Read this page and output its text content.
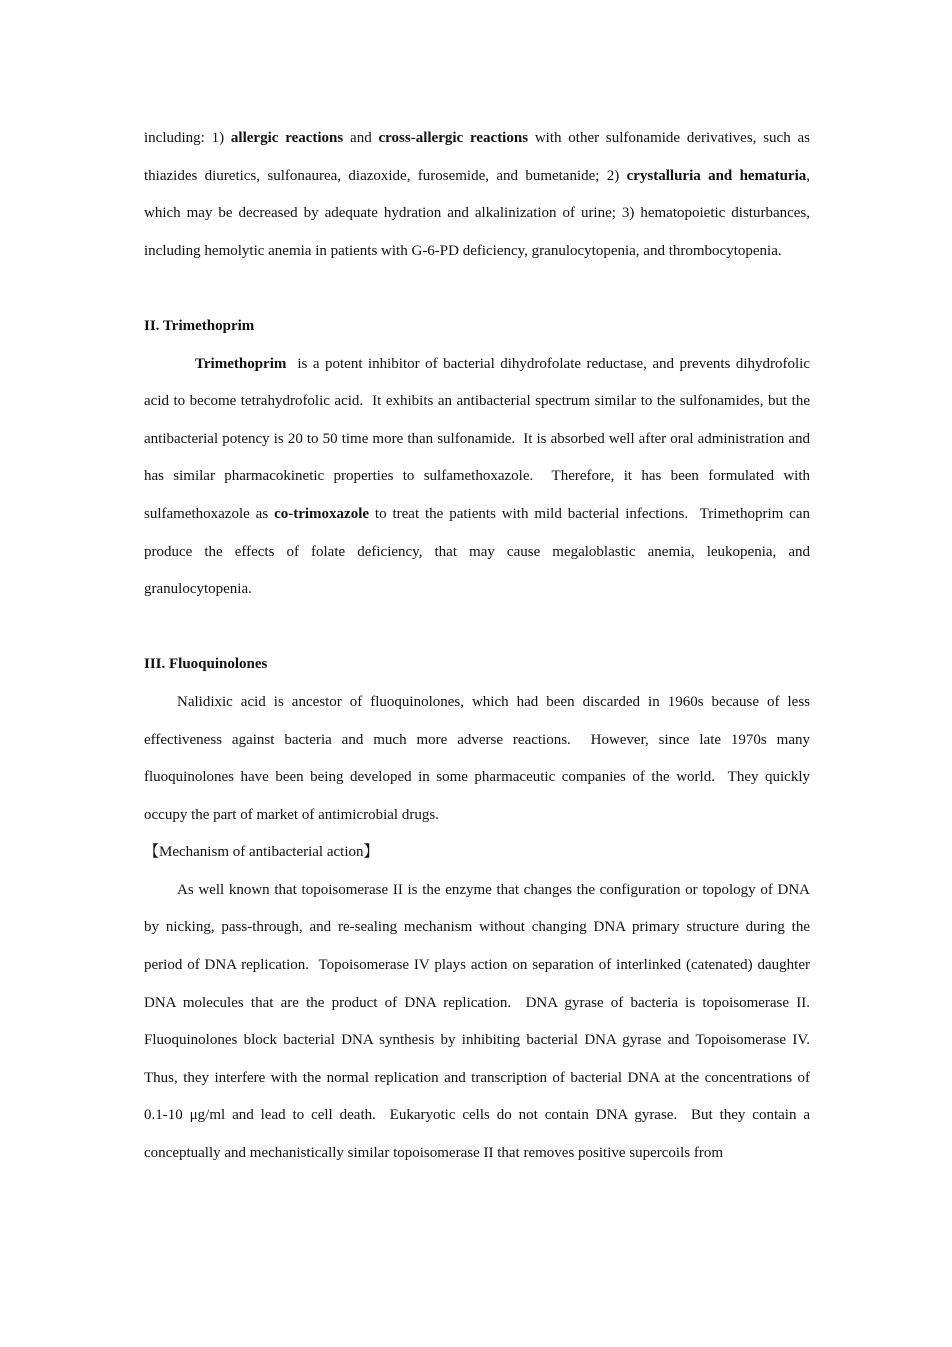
including: 1) allergic reactions and cross-allergic reactions with other sulfonamide derivatives, such as thiazides diuretics, sulfonaurea, diazoxide, furosemide, and bumetanide; 2) crystalluria and hematuria, which may be decreased by adequate hydration and alkalinization of urine; 3) hematopoietic disturbances, including hemolytic anemia in patients with G-6-PD deficiency, granulocytopenia, and thrombocytopenia.

II. Trimethoprim

Trimethoprim  is a potent inhibitor of bacterial dihydrofolate reductase, and prevents dihydrofolic acid to become tetrahydrofolic acid.  It exhibits an antibacterial spectrum similar to the sulfonamides, but the antibacterial potency is 20 to 50 time more than sulfonamide.  It is absorbed well after oral administration and has similar pharmacokinetic properties to sulfamethoxazole.  Therefore, it has been formulated with sulfamethoxazole as co-trimoxazole to treat the patients with mild bacterial infections.  Trimethoprim can produce the effects of folate deficiency, that may cause megaloblastic anemia, leukopenia, and granulocytopenia.

III. Fluoquinolones

Nalidixic acid is ancestor of fluoquinolones, which had been discarded in 1960s because of less effectiveness against bacteria and much more adverse reactions.  However, since late 1970s many fluoquinolones have been being developed in some pharmaceutic companies of the world.  They quickly occupy the part of market of antimicrobial drugs.

【Mechanism of antibacterial action】

As well known that topoisomerase II is the enzyme that changes the configuration or topology of DNA by nicking, pass-through, and re-sealing mechanism without changing DNA primary structure during the period of DNA replication.  Topoisomerase IV plays action on separation of interlinked (catenated) daughter DNA molecules that are the product of DNA replication.  DNA gyrase of bacteria is topoisomerase II.  Fluoquinolones block bacterial DNA synthesis by inhibiting bacterial DNA gyrase and Topoisomerase IV.  Thus, they interfere with the normal replication and transcription of bacterial DNA at the concentrations of 0.1-10 μg/ml and lead to cell death.  Eukaryotic cells do not contain DNA gyrase.  But they contain a conceptually and mechanistically similar topoisomerase II that removes positive supercoils from
